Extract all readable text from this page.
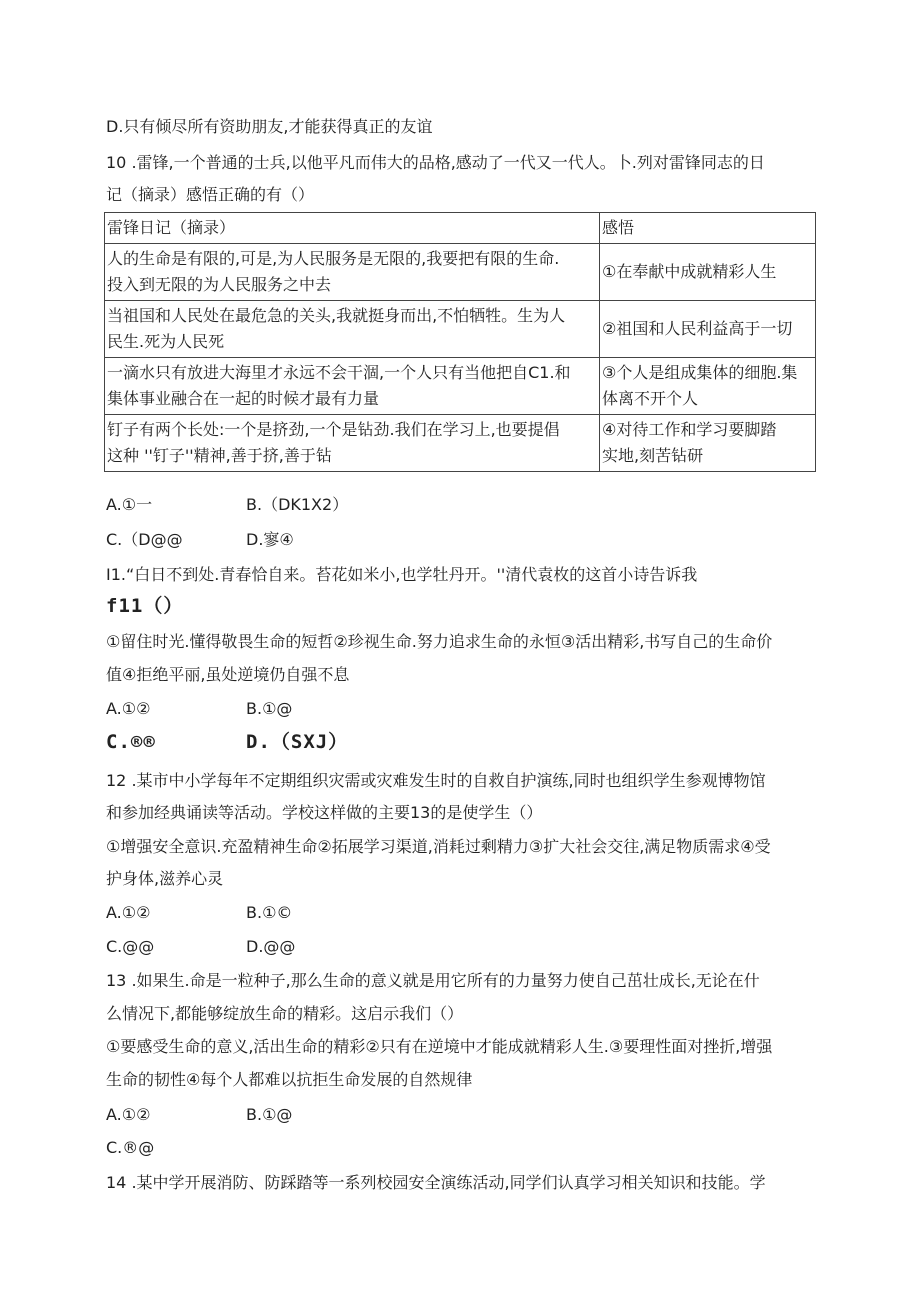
D.只有倾尽所有资助朋友,才能获得真正的友谊
10 .雷锋,一个普通的士兵,以他平凡而伟大的品格,感动了一代又一代人。卜.列对雷锋同志的日
记（摘录）感悟正确的有（）
雷锋日记（摘录）	感悟
人的生命是有限的,可是,为人民服务是无限的,我要把有限的生命.
投入到无限的为人民服务之中去	①在奉献中成就精彩人生
当祖国和人民处在最危急的关头,我就挺身而出,不怕牺牲。生为人
民生.死为人民死	②祖国和人民利益高于一切
一滴水只有放进大海里才永远不会干涸,一个人只有当他把自C1.和
集体事业融合在一起的时候才最有力量	③个人是组成集体的细胞.集
体离不开个人
钉子有两个长处:一个是挤劲,一个是钻劲.我们在学习上,也要提倡
这种 ''钉子''精神,善于挤,善于钻	④对待工作和学习要脚踏
实地,刻苦钻研
A.①一	B.（DK1X2）
C.（D@@	D.寥④
I1.“白日不到处.青春恰自来。苔花如米小,也学牡丹开。''清代袁枚的这首小诗告诉我
f11（）
①留住时光.懂得敬畏生命的短哲②珍视生命.努力追求生命的永恒③活出精彩,书写自己的生命价
值④拒绝平丽,虽处逆境仍自强不息
A.①②	B.①@
C.®®	D.（SXJ）
12 .某市中小学每年不定期组织灾需或灾难发生时的自救自护演练,同时也组织学生参观博物馆
和参加经典诵读等活动。学校这样做的主要13的是使学生（）
①增强安全意识.充盈精神生命②拓展学习渠道,消耗过剩精力③扩大社会交往,满足物质需求④受
护身体,滋养心灵
A.①②	B.①©
C.@@	D.@@
13 .如果生.命是一粒种子,那么生命的意义就是用它所有的力量努力使自己茁壮成长,无论在什
么情况下,都能够绽放生命的精彩。这启示我们（）
①要感受生命的意义,活出生命的精彩②只有在逆境中才能成就精彩人生.③要理性面对挫折,增强
生命的韧性④每个人都难以抗拒生命发展的自然规律
A.①②	B.①@
C.®@
14 .某中学开展消防、防踩踏等一系列校园安全演练活动,同学们认真学习相关知识和技能。学
